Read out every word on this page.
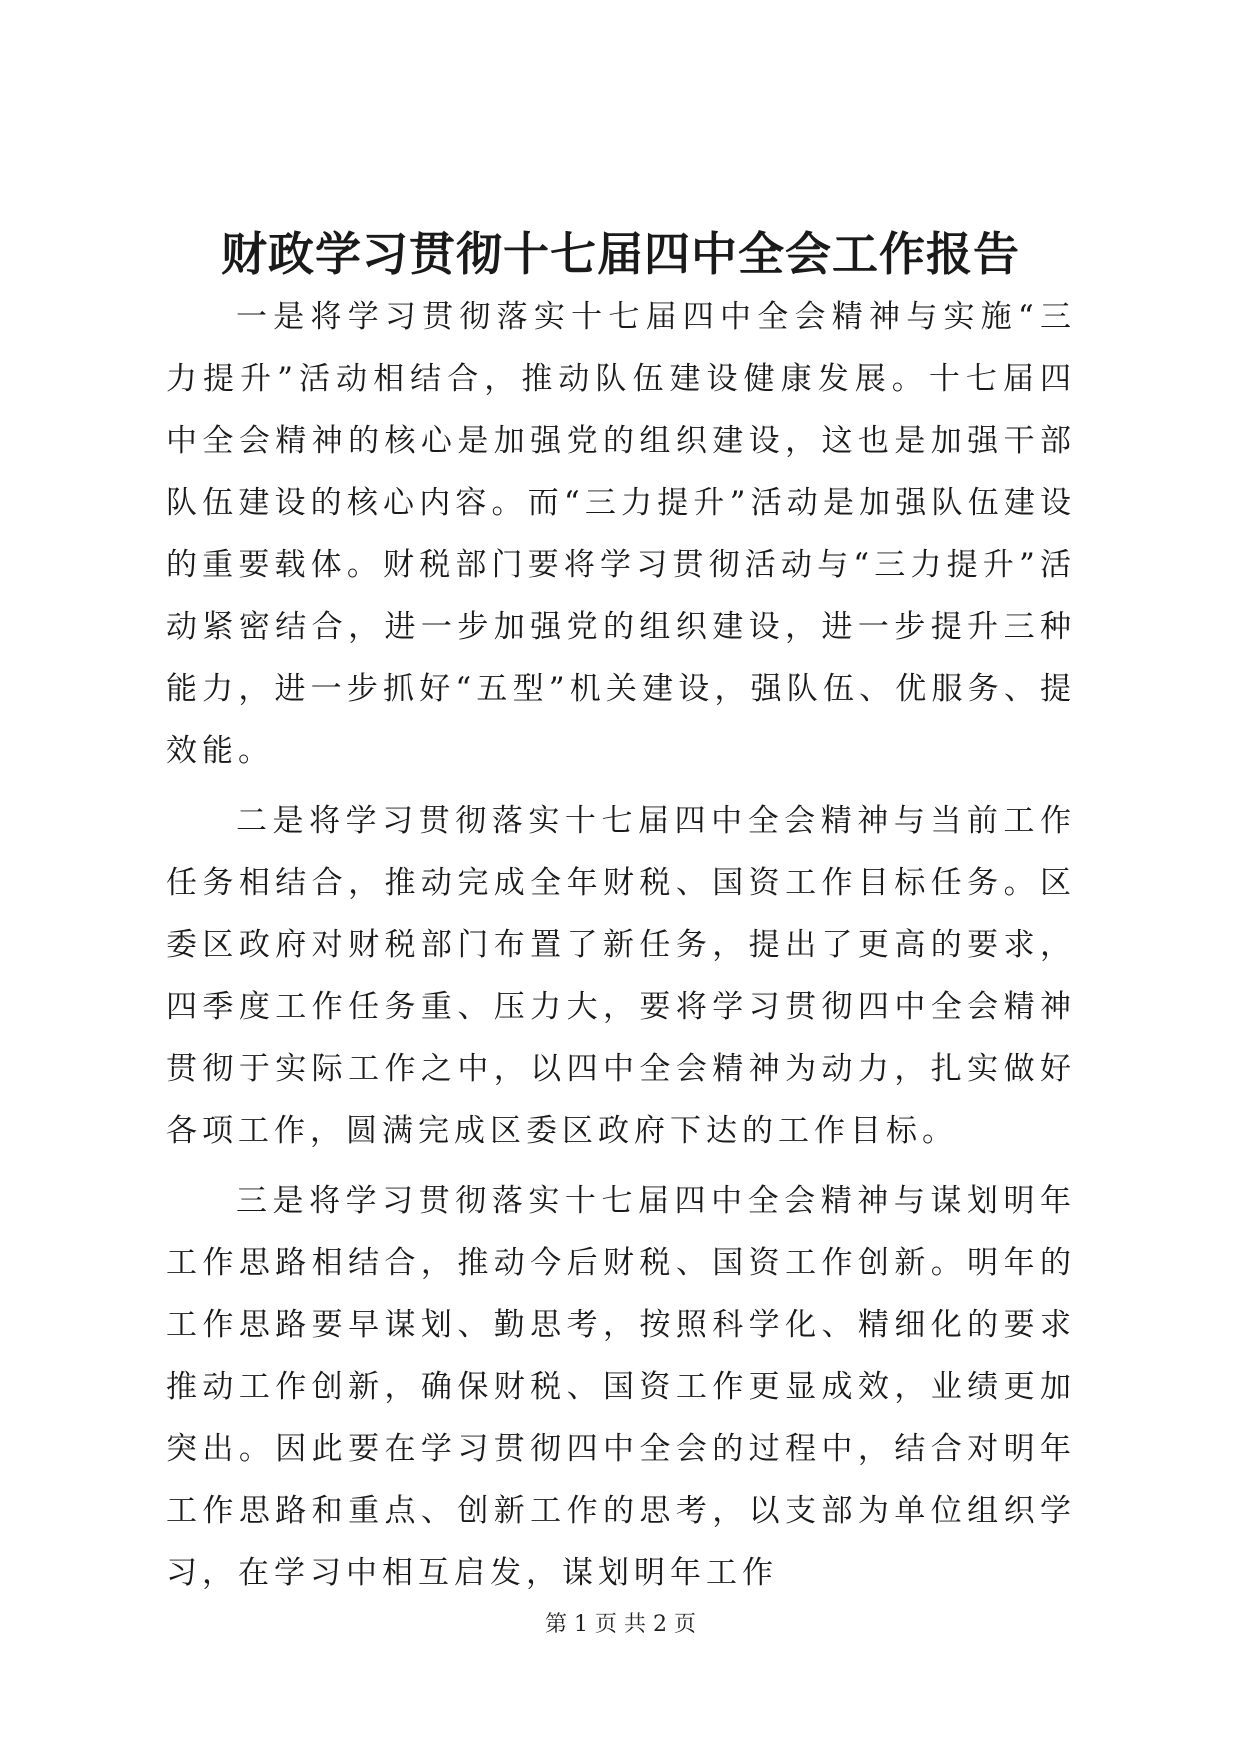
财政学习贯彻十七届四中全会工作报告

一是将学习贯彻落实十七届四中全会精神与实施“三力提升”活动相结合，推动队伍建设健康发展。十七届四中全会精神的核心是加强党的组织建设，这也是加强干部队伍建设的核心内容。而“三力提升”活动是加强队伍建设的重要载体。财税部门要将学习贯彻活动与“三力提升”活动紧密结合，进一步加强党的组织建设，进一步提升三种能力，进一步抓好“五型”机关建设，强队伍、优服务、提效能。

二是将学习贯彻落实十七届四中全会精神与当前工作任务相结合，推动完成全年财税、国资工作目标任务。区委区政府对财税部门布置了新任务，提出了更高的要求，四季度工作任务重、压力大，要将学习贯彻四中全会精神贯彻于实际工作之中，以四中全会精神为动力，扎实做好各项工作，圆满完成区委区政府下达的工作目标。

三是将学习贯彻落实十七届四中全会精神与谋划明年工作思路相结合，推动今后财税、国资工作创新。明年的工作思路要早谋划、勤思考，按照科学化、精细化的要求推动工作创新，确保财税、国资工作更显成效，业绩更加突出。因此要在学习贯彻四中全会的过程中，结合对明年工作思路和重点、创新工作的思考，以支部为单位组织学习，在学习中相互启发，谋划明年工作

第 1 页 共 2 页
